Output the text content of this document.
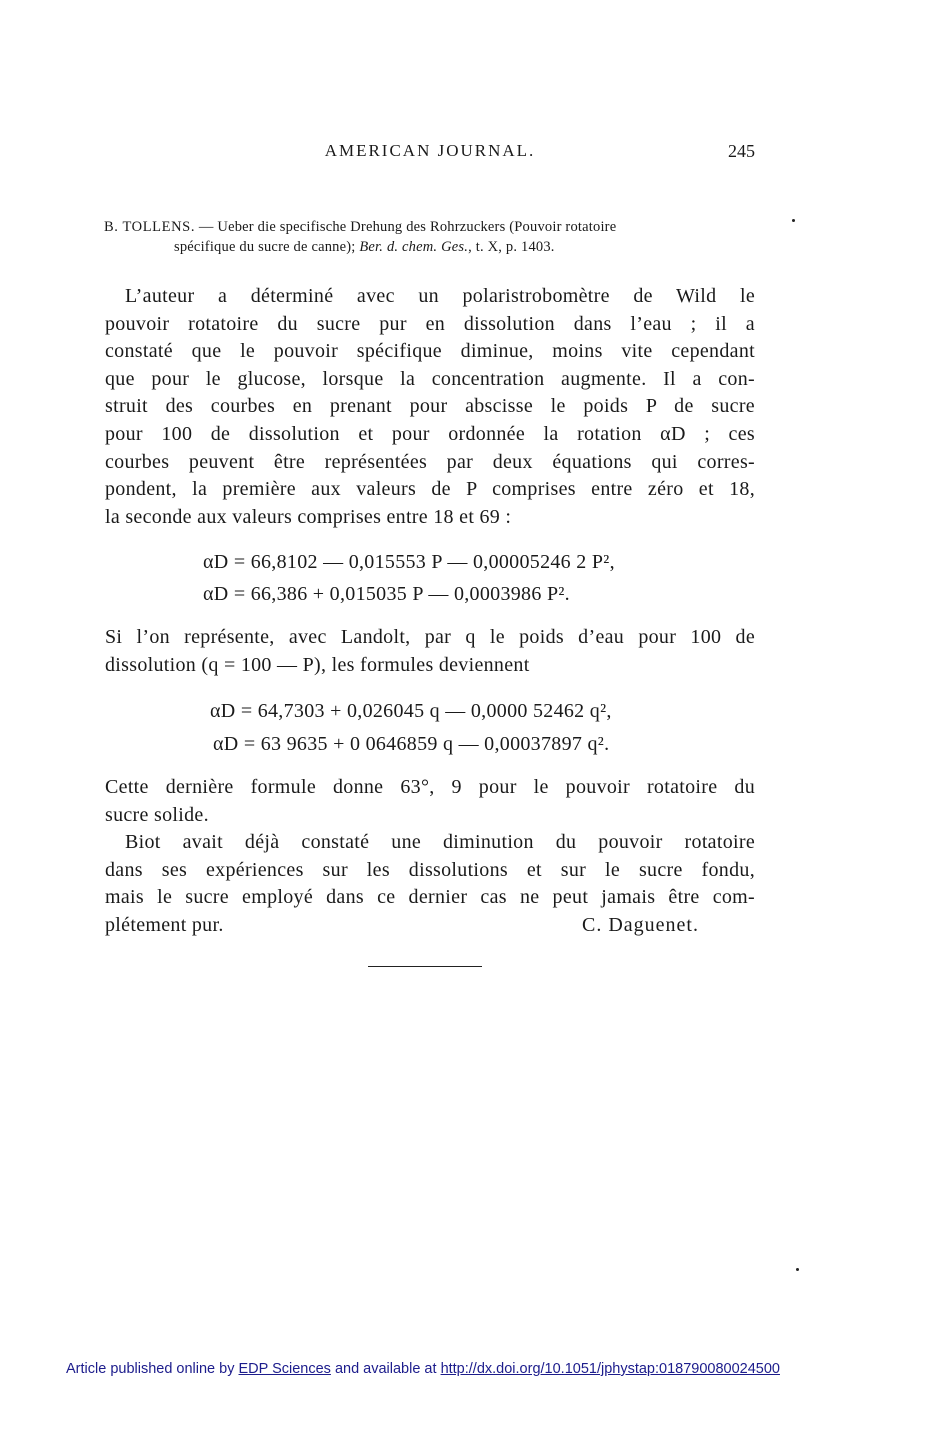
AMERICAN JOURNAL.	245
B. TOLLENS. — Ueber die specifische Drehung des Rohrzuckers (Pouvoir rotatoire
spécifique du sucre de canne); Ber. d. chem. Ges., t. X, p. 1403.
L’auteur a déterminé avec un polaristrobomètre de Wild le
pouvoir rotatoire du sucre pur en dissolution dans l’eau ; il a
constaté que le pouvoir spécifique diminue, moins vite cependant
que pour le glucose, lorsque la concentration augmente. Il a con-
struit des courbes en prenant pour abscisse le poids P de sucre
pour 100 de dissolution et pour ordonnée la rotation αD ; ces
courbes peuvent être représentées par deux équations qui corres-
pondent, la première aux valeurs de P comprises entre zéro et 18,
la seconde aux valeurs comprises entre 18 et 69 :
αD = 66,8102 — 0,015553 P — 0,00005246 2 P²,
αD = 66,386 + 0,015035 P — 0,0003986 P².
Si l’on représente, avec Landolt, par q le poids d’eau pour 100 de
dissolution (q = 100 — P), les formules deviennent
αD = 64,7303 + 0,026045 q — 0,0000 52462 q²,
αD = 63 9635 + 0 0646859 q — 0,00037897 q².
Cette dernière formule donne 63°, 9 pour le pouvoir rotatoire du
sucre solide.
Biot avait déjà constaté une diminution du pouvoir rotatoire
dans ses expériences sur les dissolutions et sur le sucre fondu,
mais le sucre employé dans ce dernier cas ne peut jamais être com-
plétement pur.	C. Daguenet.
Article published online by EDP Sciences and available at http://dx.doi.org/10.1051/jphystap:018790080024500
